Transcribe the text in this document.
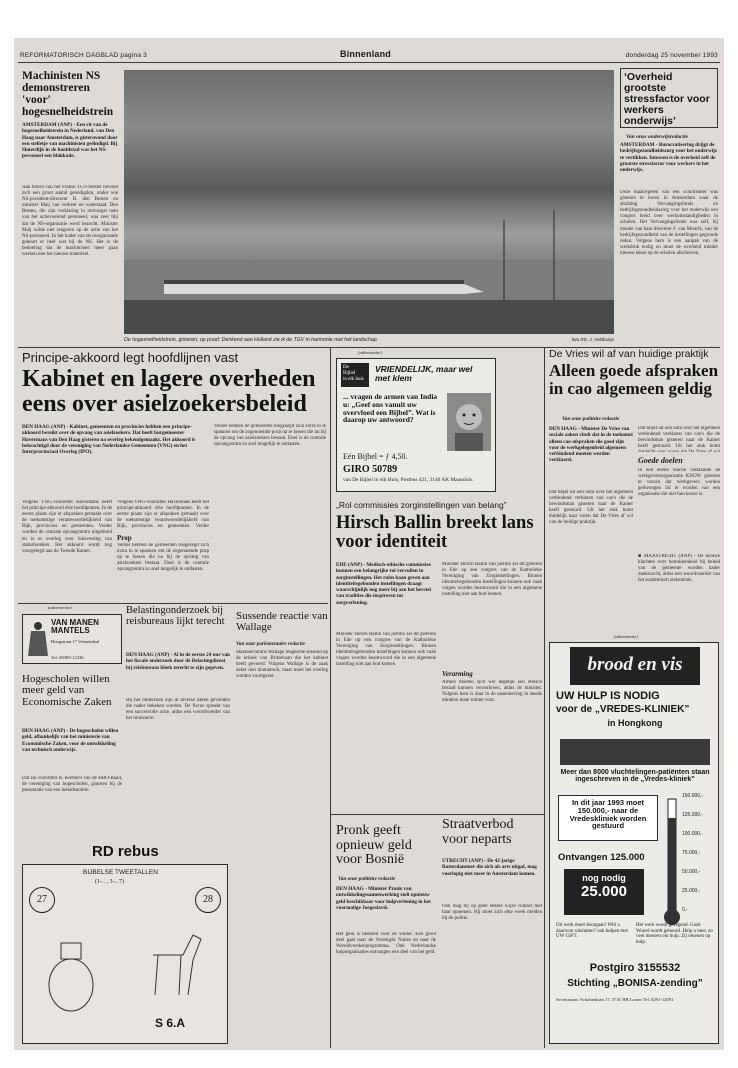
REFORMATORISCH DAGBLAD pagina 3	Binnenland	donderdag 25 november 1993
Machinisten NS demonstreren 'voor' hogesnelheidstrein
AMSTERDAM (ANP) - Een rit van de hogesnelheidstrein in Nederland, van Den Haag naar Amsterdam, is gisteravond door een stelletje van machinisten geëindigd. Bij Sloterdijk in de hoofdstad was het NS-personeel een blokkade.
Aan boord van het Franse TGV-toestel bevond zich een groot aantal genodigden, onder wie NS-president-directeur R. den Besten en minister Maij van verkeer en waterstaat. Den Besten, die zijn verklaring in ontvangst nam van het actievoerend personeel, was zeer blij dat de NS-organisatie werd bezocht. Minister Maij wilde niet reageren op de actie van het NS-personeel. In het kader van de reorganisatie gebeurt er heel wat bij de NS. Het is de bedoeling dat de machinisten meer gaan werken met het nieuwe materieel.
De hogesnelheidstrein, gisteren, op proef: Denkend aan Holland zie ik de TGV in harmonie met het landschap.	foto RD, J. Veldkamp
‘Overheid grootste stressfactor voor werkers onderwijs’
Van onze onderwijsredactie
AMSTERDAM - Burocratisering drijgt de bedrijfsgezondheidszorg voor het onderwijs te vertikken. Intussen is de overheid zelf de grootste stressfactor voor werkers in het onderwijs.
Deze maatregelen van een scholfiskter was gisteren te horen in Amsterdam waar de stichting Vervangingsfonds en bedrijfsgezondheidszorg voor het onderwijs een congres hield over werkomstandigheden in scholen. Het Vervangingsfonds was zelf, bij monde van haar directeur F. van Mourik, van de bedrijfsgezondheid van de instellingen gegronde reden. Volgens hem is een aanpak van de werkdruk nodig en moet de overheid minder nieuwe taken op de scholen afschuiven.
Principe-akkoord legt hoofdlijnen vast
Kabinet en lagere overheden eens over asielzoekersbeleid
DEN HAAG (ANP) - Kabinet, gemeenten en provincies hebben een principe-akkoord bereikt over de opvang van asielzoekers. Dat heeft burgemeester Havermans van Den Haag gisteren na overleg bekendgemaakt. Het akkoord is bekrachtigd door de vereniging van Nederlandse Gemeenten (VNG) en het Interprovinciaal Overleg (IPO).
Volgens VNG-voorzitter Havermans heeft het principe-akkoord drie hoofdpunten. In de eerste plaats zijn er afspraken gemaakt over de toekomstige verantwoordelijkheid van Rijk, provincies en gemeenten. Verder worden de centrale opvangcentra uitgebreid en is er overleg over huisvesting van statushouders. Het akkoord wordt nog voorgelegd aan de Tweede Kamer.
Volgens VNG-voorzitter Havermans heeft het principe-akkoord drie hoofdpunten. In de eerste plaats zijn er afspraken gemaakt over de toekomstige verantwoordelijkheid van Rijk, provincies en gemeenten. Verder
Prop
Verder hebben de gemeenten toegezegd zich extra in te spannen om de zogenoemde prop op te lossen die nu bij de opvang van asielzoekers bestaat. Doel is de centrale opvangcentra zo snel mogelijk te ontlasten.
Verder hebben de gemeenten toegezegd zich extra in te spannen om de zogenoemde prop op te lossen die nu bij de opvang van asielzoekers bestaat. Doel is de centrale opvangcentra zo snel mogelijk te ontlasten.
(advertentie)
VAN MANEN MANTELS
Hoogstraat 17 Veenendaal
Tel. 08385-12336
Belastingonderzoek bij reisbureaus lijkt terecht
DEN HAAG (ANP) - Al in de eerste 24 uur van het fiscale onderzoek door de Belastingdienst bij reisbureaus bleek terecht te zijn gegeven.
Bij het onderzoek zijn al diverse zaken gevonden die nader bekeken worden. De fiscus spreekt van een succesvolle actie, aldus een woordvoerder van het ministerie.
Sussende reactie van Wallage
Van onze parlementaire redactie
Staatssecretaris Wallage reageerde sussend op de kritiek van Britsekaan die het kabinet heeft gevoerd. Volgens Wallage is de zaak zeker niet dramatisch, maar moet het overleg worden voortgezet.
Hogescholen willen meer geld van Economische Zaken
DEN HAAG (ANP) - De hogescholen willen geld, afhankelijk van het ministerie van Economische Zaken, voor de ontwikkeling van technisch onderwijs.
Dat zei voorzitter R. Kremers van de HBO-Raad, de vereniging van hogescholen, gisteren bij de presentatie van een beleidsnotitie.
RD rebus
BIJBELSE TWEETALLEN
(1-.. , 3-.. 7)
27	28
S 6.A
(advertentie)
De
Bijbel
in elk huis
VRIENDELIJK, maar wel met klem
... vragen de armen van India u: „Geef ons vanuit uw overvloed een Bijbel”. Wat is daarop uw antwoord?
Eén Bijbel = ƒ 4,50.
GIRO 50789
van De Bijbel in elk Huis, Postbus 421, 3140 AK Maassluis.
„Rol commissies zorginstellingen van belang”
Hirsch Ballin breekt lans voor identiteit
EDE (ANP) - Medisch-ethische commissies kunnen een belangrijke rol vervullen in zorginstellingen. Het ruim baan geven aan identiteitsgebonden instellingen draagt waarschijnlijk nog meer bij aan het herstel van tradities die inspireren tot zorgverlening.
Minister Hirsch Ballin van justitie zei dit gisteren in Ede op een congres van de Katholieke Vereniging van Zorginstellingen. Binnen identiteitsgebonden instellingen kunnen ook vaak vragen worden beantwoord die in een algemene instelling niet aan bod komen.
Minister Hirsch Ballin van justitie zei dit gisteren in Ede op een congres van de Katholieke Vereniging van Zorginstellingen. Binnen identiteitsgebonden instellingen kunnen ook vaak vragen worden beantwoord die in een algemene instelling niet aan bod komen.
Verarming
Armen moeten zich wel degelijk een ethisch beraad kunnen veroorloven, aldus de minister. Volgens hem is daar in de samenleving in steeds mindere mate ruimte voor.
Pronk geeft opnieuw geld voor Bosnië
Van onze politieke redactie
DEN HAAG - Minister Pronk van ontwikkelingssamenwerking stelt opnieuw geld beschikbaar voor hulpverlening in het voormalige Joegoslavië.
Het geld is bedoeld voor de winter. Een groot deel gaat naar de Verenigde Naties en naar de Wereldvoedselprogramma. Ook Nederlandse hulporganisaties ontvangen een deel van het geld.
Straatverbod voor neparts
UTRECHT (ANP) - De 42-jarige Rotterdammer die zich als arts uitgaf, mag voorlopig niet meer in Amsterdam komen.
Ook mag hij op geen enkele wijze contact met haar opnemen. Hij moet zich elke week melden bij de politie.
De Vries wil af van huidige praktijk
Alleen goede afspraken in cao algemeen geldig
Van onze politieke redactie
DEN HAAG - Minister De Vries van sociale zaken vindt dat in de toekomst alleen cao-afspraken die goed zijn voor de werkgelegenheid algemeen verbindend moeten worden verklaard.
Dat blijkt uit een nota over het algemeen verbindend verklaren van cao's die de bewindsman gisteren naar de Kamer heeft gestuurd. Uit het stuk komt duidelijk naar voren dat De Vries af wil van de huidige praktijk.
Dat blijkt uit een nota over het algemeen verbindend verklaren van cao's die de bewindsman gisteren naar de Kamer heeft gestuurd. Uit het stuk komt
Goede doelen
In een eerste reactie verklaarde de werkgeversorganisatie KNOW gisteren te vrezen dat werkgevers worden gedwongen lid te worden van een organisatie die niet hun keuze is.
■ MAASTRICHT (ANP) - De nieuwe klachten over betrokkenheid bij beleid van de gemeente worden nader onderzocht, aldus een woordvoerder van het academisch ziekenhuis.
(advertentie)
brood en vis
UW HULP IS NODIG
voor de „VREDES-KLINIEK”
in Hongkong
Meer dan 8000 vluchtelingen-patiënten staan ingeschreven in de „Vredes-kliniek”
In dit jaar 1993 moet 150.000,- naar de Vredeskliniek worden gestuurd
Ontvangen 125.000
nog nodig
25.000
150.000,-
125.000,-
100.000,-
75.000,-
50.000,-
25.000,-
0,-
Dit werk moet doorgaan! Wilt u daarvoor uitsluiten? ook helpen met UW GIFT.
Het werk wordt gezegend. Gods Woord wordt gehoord. Help u mee, zo veel mensen om hulp. Zij rekenen op hulp.
Postgiro 3155532
Stichting „BONISA-zending”
Secretariaat: Scholtenlaan 17, 3741 HB Losser Tel. 0291-12091
